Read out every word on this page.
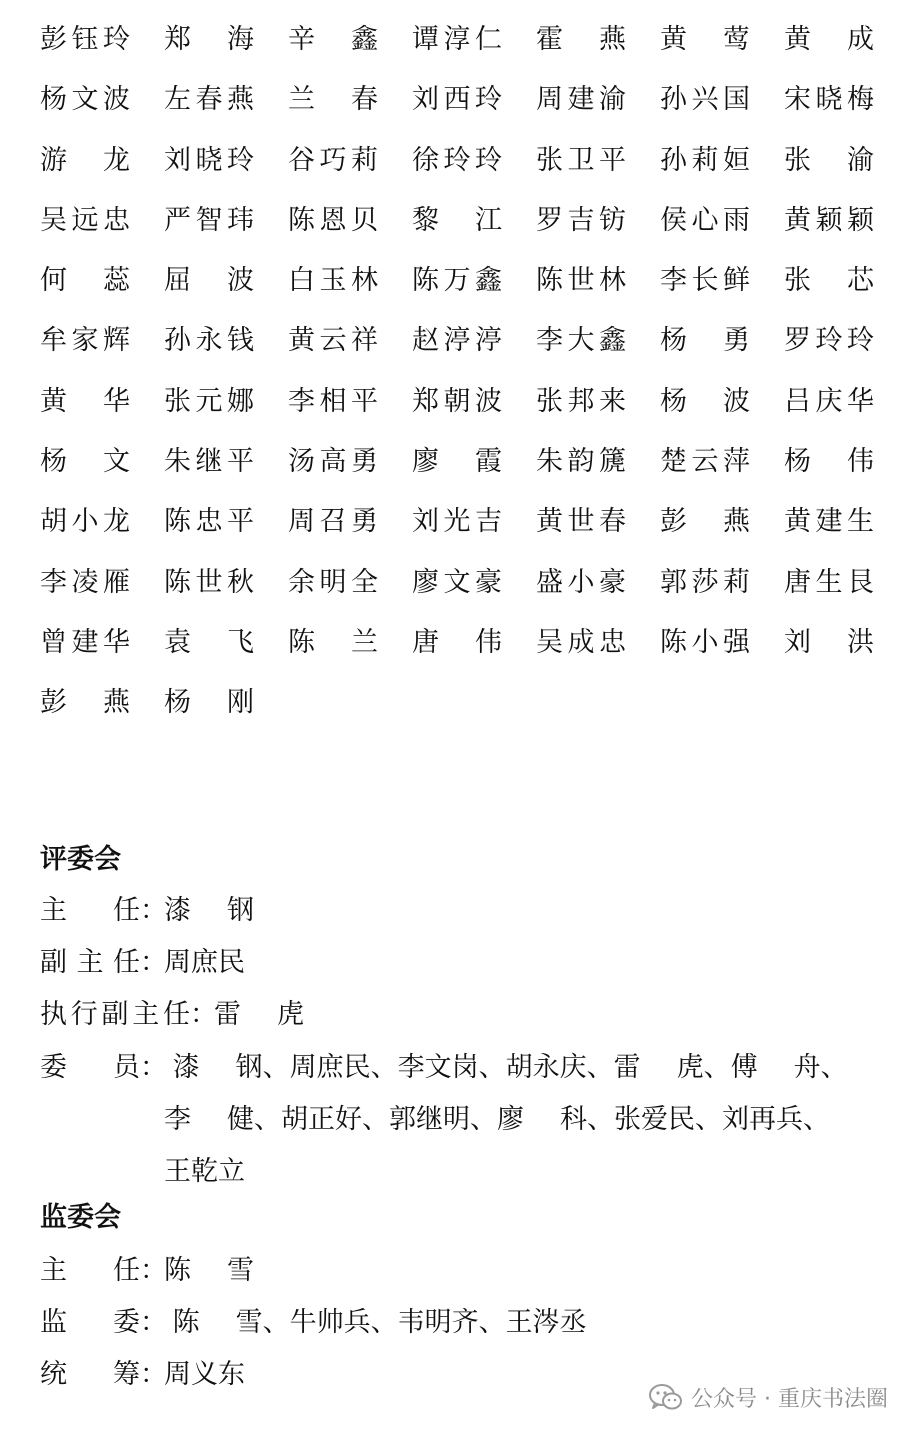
彭钰玲 郑海 辛鑫 谭淳仁 霍燕 黄莺 黄成
杨文波 左春燕 兰春 刘西玲 周建渝 孙兴国 宋晓梅
游龙 刘晓玲 谷巧莉 徐玲玲 张卫平 孙莉姮 张渝
吴远忠 严智玮 陈恩贝 黎江 罗吉钫 侯心雨 黄颖颖
何蕊 屈波 白玉林 陈万鑫 陈世林 李长鲜 张芯
牟家辉 孙永钱 黄云祥 赵渟渟 李大鑫 杨勇 罗玲玲
黄华 张元娜 李相平 郑朝波 张邦来 杨波 吕庆华
杨文 朱继平 汤高勇 廖霞 朱韵篪 楚云萍 杨伟
胡小龙 陈忠平 周召勇 刘光吉 黄世春 彭燕 黄建生
李凌雁 陈世秋 余明全 廖文豪 盛小豪 郭莎莉 唐生艮
曾建华 袁飞 陈兰 唐伟 吴成忠 陈小强 刘洪
彭燕 杨刚
评委会
主任：漆钢
副主任：周庶民
执行副主任：雷虎
委员： 漆钢、周庶民、李文岗、胡永庆、雷虎、傅舟、
李健、胡正好、郭继明、廖科、张爱民、刘再兵、
王乾立
监委会
主任：陈雪
监委： 陈雪、牛帅兵、韦明齐、王涔丞
统筹：周义东
公众号 · 重庆书法圈
